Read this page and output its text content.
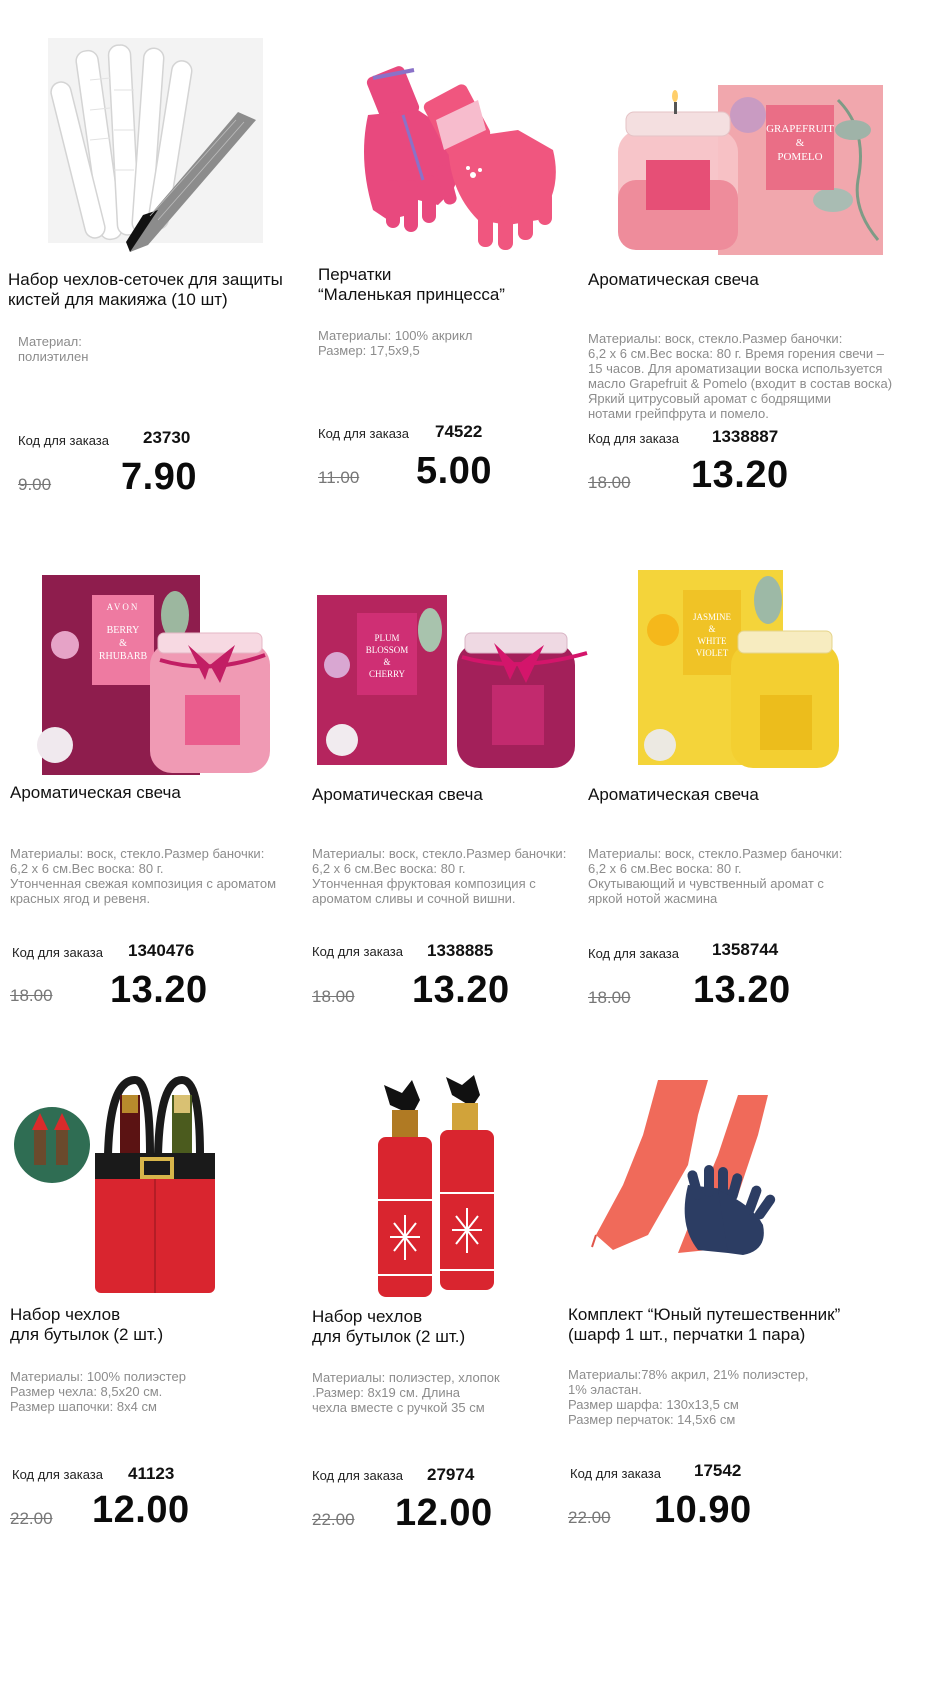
Набор чехлов-сеточек для защиты
кистей для макияжа (10 шт)
Материал:
полиэтилен
Код для заказа 23730
9.00 7.90
Перчатки
“Маленькая принцесса”
Материалы: 100% акрикл
Размер: 17,5х9,5
Код для заказа 74522
11.00 5.00
GRAPEFRUIT
&
POMELO
Ароматическая свеча
Материалы: воск, стекло.Размер баночки:
6,2 х 6 см.Вес воска: 80 г. Время горения свечи –
15 часов. Для ароматизации воска используется
масло Grapefruit & Pomelo (входит в состав воска)
Яркий цитрусовый аромат с бодрящими
нотами грейпфрута и помело.
Код для заказа 1338887
18.00 13.20
AVON
BERRY
&
RHUBARB
Ароматическая свеча
Материалы: воск, стекло.Размер баночки:
6,2 х 6 см.Вес воска: 80 г.
Утонченная свежая композиция с ароматом
красных ягод и ревеня.
Код для заказа 1340476
18.00 13.20
PLUM
BLOSSOM
&
CHERRY
Ароматическая свеча
Материалы: воск, стекло.Размер баночки:
6,2 х 6 см.Вес воска: 80 г.
Утонченная фруктовая композиция с
ароматом сливы и сочной вишни.
Код для заказа 1338885
18.00 13.20
JASMINE
&
WHITE
VIOLET
Ароматическая свеча
Материалы: воск, стекло.Размер баночки:
6,2 х 6 см.Вес воска: 80 г.
Окутывающий и чувственный аромат с
яркой нотой жасмина
Код для заказа 1358744
18.00 13.20
Набор чехлов
для бутылок (2 шт.)
Материалы: 100% полиэстер
Размер чехла: 8,5х20 см.
Размер шапочки: 8х4 см
Код для заказа 41123
22.00 12.00
Набор чехлов
для бутылок (2 шт.)
Материалы: полиэстер, хлопок
.Размер: 8х19 см. Длина
чехла вместе с ручкой 35 см
Код для заказа 27974
22.00 12.00
Комплект “Юный путешественник”
(шарф 1 шт., перчатки 1 пара)
Материалы:78% акрил, 21% полиэстер,
1% эластан.
Размер шарфа: 130х13,5 см
Размер перчаток: 14,5х6 см
Код для заказа 17542
22.00 10.90
